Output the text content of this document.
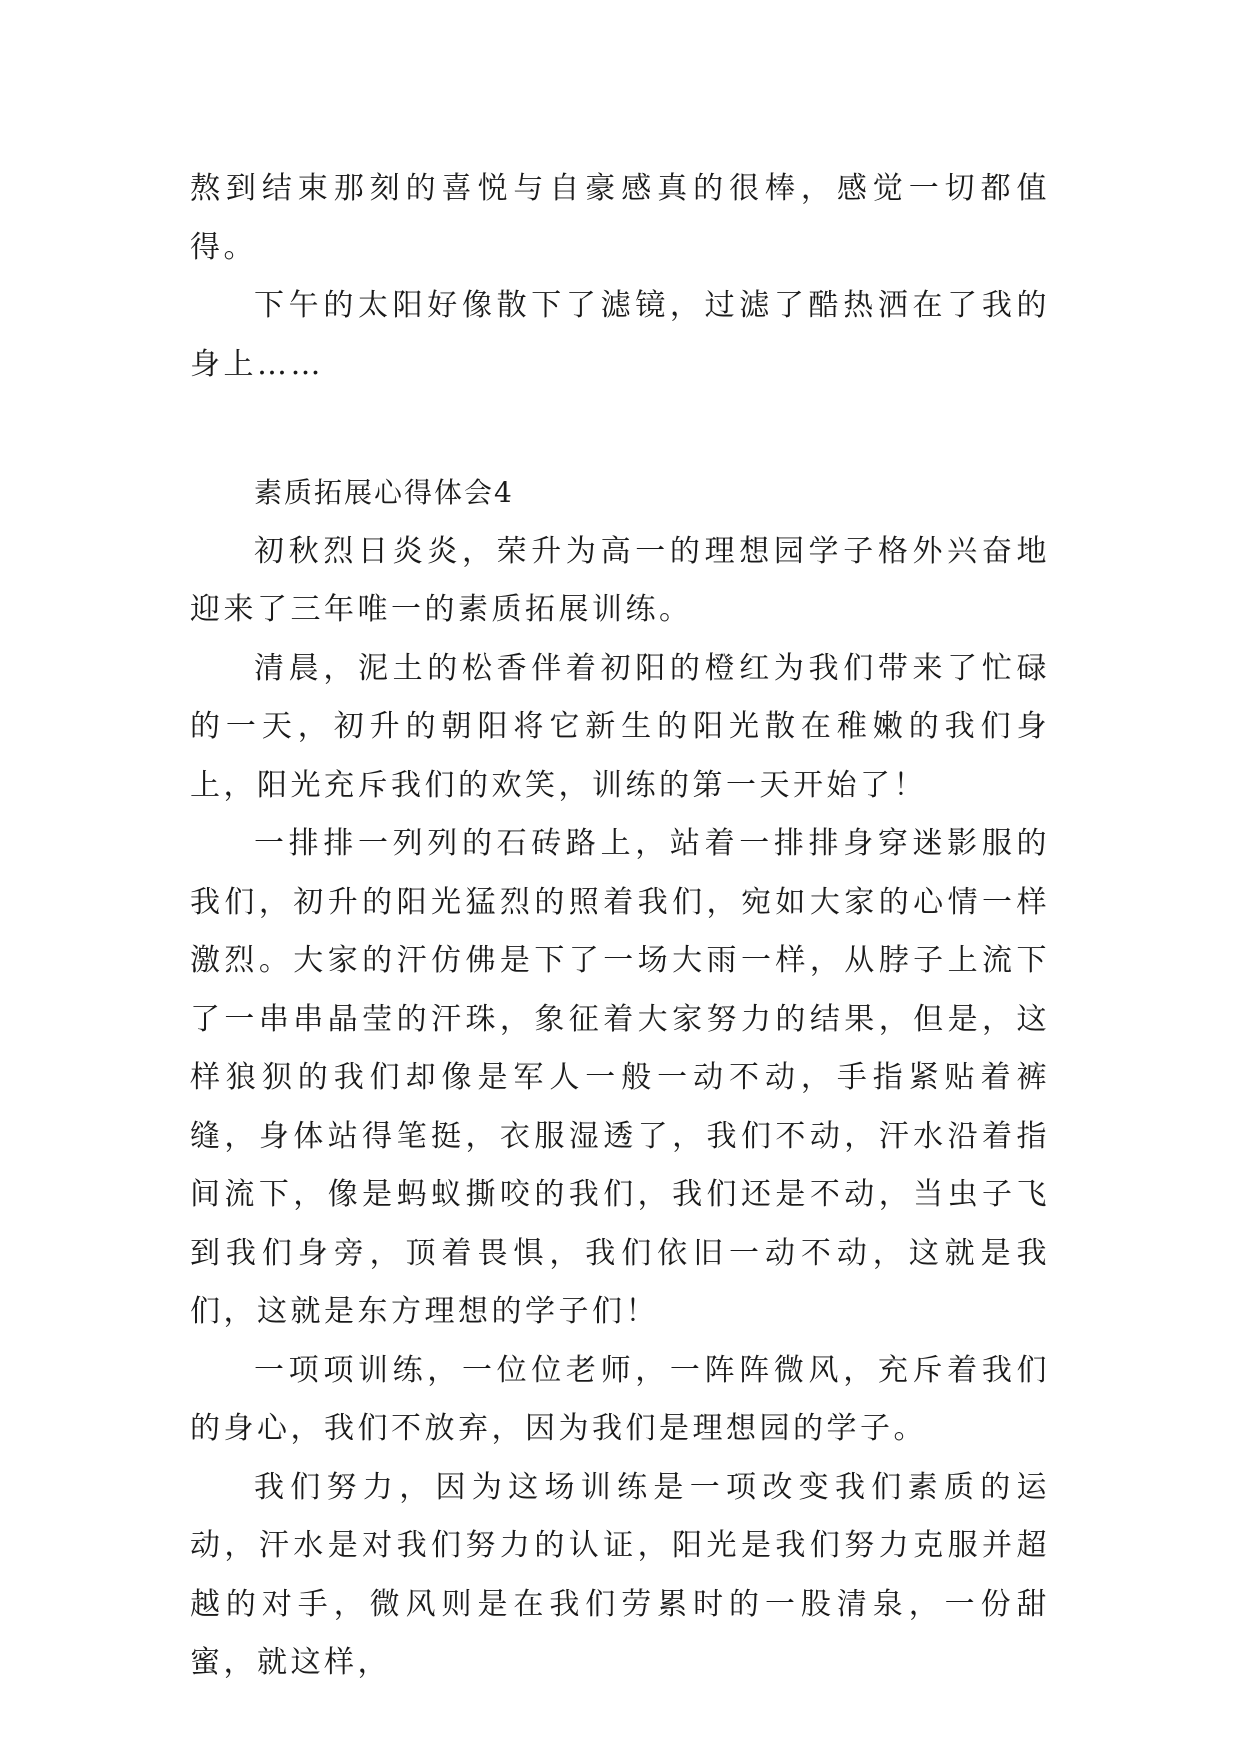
熬到结束那刻的喜悦与自豪感真的很棒，感觉一切都值得。

下午的太阳好像散下了滤镜，过滤了酷热洒在了我的身上……

素质拓展心得体会4

初秋烈日炎炎，荣升为高一的理想园学子格外兴奋地迎来了三年唯一的素质拓展训练。

清晨，泥土的松香伴着初阳的橙红为我们带来了忙碌的一天，初升的朝阳将它新生的阳光散在稚嫩的我们身上，阳光充斥我们的欢笑，训练的第一天开始了！

一排排一列列的石砖路上，站着一排排身穿迷影服的我们，初升的阳光猛烈的照着我们，宛如大家的心情一样激烈。大家的汗仿佛是下了一场大雨一样，从脖子上流下了一串串晶莹的汗珠，象征着大家努力的结果，但是，这样狼狈的我们却像是军人一般一动不动，手指紧贴着裤缝，身体站得笔挺，衣服湿透了，我们不动，汗水沿着指间流下，像是蚂蚁撕咬的我们，我们还是不动，当虫子飞到我们身旁，顶着畏惧，我们依旧一动不动，这就是我们，这就是东方理想的学子们！

一项项训练，一位位老师，一阵阵微风，充斥着我们的身心，我们不放弃，因为我们是理想园的学子。

我们努力，因为这场训练是一项改变我们素质的运动，汗水是对我们努力的认证，阳光是我们努力克服并超越的对手，微风则是在我们劳累时的一股清泉，一份甜蜜，就这样，
